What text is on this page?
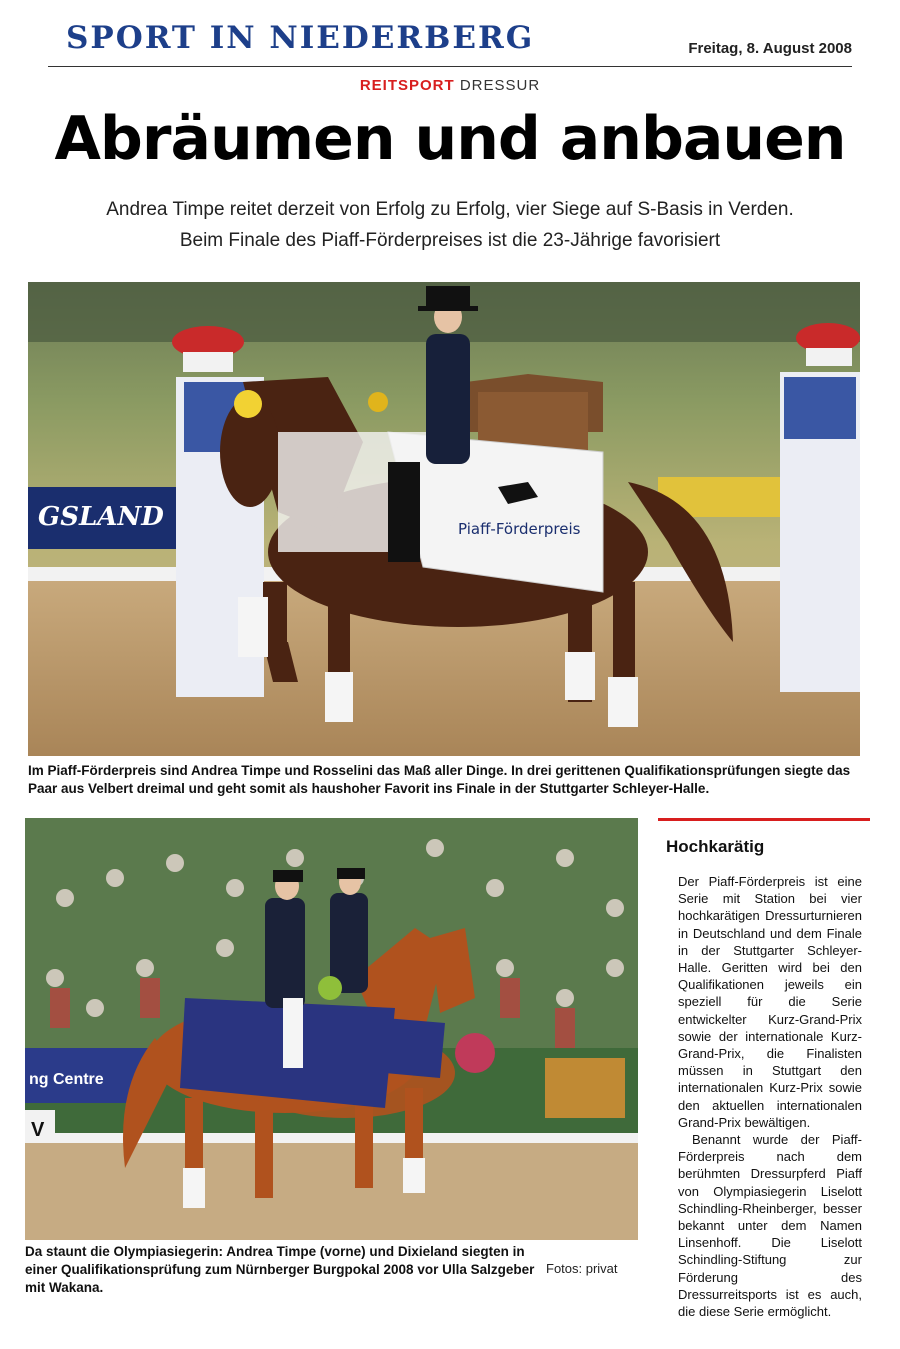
SPORT IN NIEDERBERG	Freitag, 8. August 2008
REITSPORT DRESSUR
Abräumen und anbauen
Andrea Timpe reitet derzeit von Erfolg zu Erfolg, vier Siege auf S-Basis in Verden.
Beim Finale des Piaff-Förderpreises ist die 23-Jährige favorisiert
GSLAND	Piaff-Förderpreis
Im Piaff-Förderpreis sind Andrea Timpe und Rosselini das Maß aller Dinge. In drei gerittenen Qualifikationsprüfungen siegte das Paar aus Velbert dreimal und geht somit als haushoher Favorit ins Finale in der Stuttgarter Schleyer-Halle.
ng Centre
V
Da staunt die Olympiasiegerin: Andrea Timpe (vorne) und Dixieland siegten in einer Qualifikationsprüfung zum Nürnberger Burgpokal 2008 vor Ulla Salzgeber mit Wakana.
Fotos: privat
Hochkarätig

Der Piaff-Förderpreis ist eine Serie mit Station bei vier hochkarätigen Dressurturnieren in Deutschland und dem Finale in der Stuttgarter Schleyer-Halle. Geritten wird bei den Qualifikationen jeweils ein speziell für die Serie entwickelter Kurz-Grand-Prix sowie der internationale Kurz-Grand-Prix, die Finalisten müssen in Stuttgart den internationalen Kurz-Prix sowie den aktuellen internationalen Grand-Prix bewältigen.

Benannt wurde der Piaff-Förderpreis nach dem berühmten Dressurpferd Piaff von Olympiasiegerin Liselott Schindling-Rheinberger, besser bekannt unter dem Namen Linsenhoff. Die Liselott Schindling-Stiftung zur Förderung des Dressurreitsports ist es auch, die diese Serie ermöglicht.
